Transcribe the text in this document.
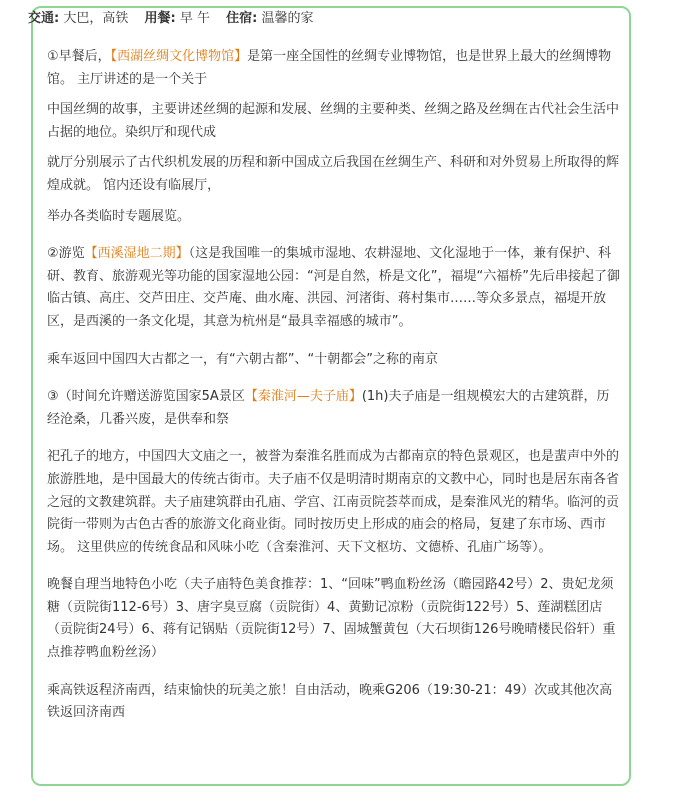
交通: 大巴，高铁 用餐: 早 午 住宿: 温馨的家

①早餐后，【西湖丝绸文化博物馆】是第一座全国性的丝绸专业博物馆，也是世界上最大的丝绸博物馆。 主厅讲述的是一个关于

中国丝绸的故事，主要讲述丝绸的起源和发展、丝绸的主要种类、丝绸之路及丝绸在古代社会生活中占据的地位。染织厅和现代成

就厅分别展示了古代织机发展的历程和新中国成立后我国在丝绸生产、科研和对外贸易上所取得的辉煌成就。 馆内还设有临展厅，

举办各类临时专题展览。

②游览【西溪湿地二期】（这是我国唯一的集城市湿地、农耕湿地、文化湿地于一体，兼有保护、科研、教育、旅游观光等功能的国家湿地公园：“河是自然，桥是文化”，福堤“六福桥”先后串接起了御临古镇、高庄、交芦田庄、交芦庵、曲水庵、洪园、河渚街、蒋村集市……等众多景点，福堤开放区，是西溪的一条文化堤，其意为杭州是“最具幸福感的城市”。

乘车返回中国四大古都之一，有“六朝古都”、“十朝都会”之称的南京

③（时间允许赠送游览国家5A景区【秦淮河—夫子庙】(1h)夫子庙是一组规模宏大的古建筑群，历经沧桑，几番兴废，是供奉和祭

祀孔子的地方，中国四大文庙之一，被誉为秦淮名胜而成为古都南京的特色景观区，也是蜚声中外的旅游胜地，是中国最大的传统古街市。夫子庙不仅是明清时期南京的文教中心，同时也是居东南各省之冠的文教建筑群。夫子庙建筑群由孔庙、学宫、江南贡院荟萃而成，是秦淮风光的精华。临河的贡院街一带则为古色古香的旅游文化商业街。同时按历史上形成的庙会的格局，复建了东市场、西市场。 这里供应的传统食品和风味小吃（含秦淮河、天下文枢坊、文德桥、孔庙广场等）。

晚餐自理当地特色小吃（夫子庙特色美食推荐：1、“回味”鸭血粉丝汤（瞻园路42号）2、贵妃龙须糖（贡院街112-6号）3、唐字臭豆腐（贡院街）4、黄勤记凉粉（贡院街122号）5、莲湖糕团店（贡院街24号）6、蒋有记锅贴（贡院街12号）7、固城蟹黄包（大石坝街126号晚晴楼民俗轩）重点推荐鸭血粉丝汤）

乘高铁返程济南西，结束愉快的玩美之旅！自由活动，晚乘G206（19:30-21：49）次或其他次高铁返回济南西
